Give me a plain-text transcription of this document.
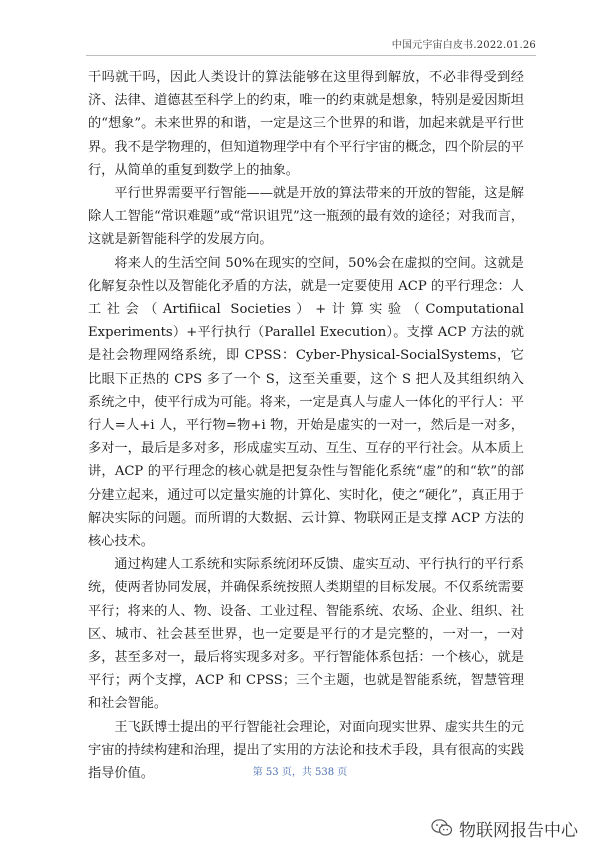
中国元宇宙白皮书.2022.01.26

干吗就干吗，因此人类设计的算法能够在这里得到解放，不必非得受到经济、法律、道德甚至科学上的约束，唯一的约束就是想象，特别是爱因斯坦的“想象”。未来世界的和谐，一定是这三个世界的和谐，加起来就是平行世界。我不是学物理的，但知道物理学中有个平行宇宙的概念，四个阶层的平行，从简单的重复到数学上的抽象。

平行世界需要平行智能——就是开放的算法带来的开放的智能，这是解除人工智能“常识难题”或“常识诅咒”这一瓶颈的最有效的途径；对我而言，这就是新智能科学的发展方向。

将来人的生活空间 50%在现实的空间，50%会在虚拟的空间。这就是化解复杂性以及智能化矛盾的方法，就是一定要使用 ACP 的平行理念：人工社会（Artifiical Societies）+计算实验（Computational Experiments）+平行执行（Parallel Execution）。支撑 ACP 方法的就是社会物理网络系统，即 CPSS：Cyber-Physical-SocialSystems，它比眼下正热的 CPS 多了一个 S，这至关重要，这个 S 把人及其组织纳入系统之中，使平行成为可能。将来，一定是真人与虚人一体化的平行人：平行人=人+i 人，平行物=物+i 物，开始是虚实的一对一，然后是一对多，多对一，最后是多对多，形成虚实互动、互生、互存的平行社会。从本质上讲，ACP 的平行理念的核心就是把复杂性与智能化系统“虚”的和“软”的部分建立起来，通过可以定量实施的计算化、实时化，使之“硬化”，真正用于解决实际的问题。而所谓的大数据、云计算、物联网正是支撑 ACP 方法的核心技术。

通过构建人工系统和实际系统闭环反馈、虚实互动、平行执行的平行系统，使两者协同发展，并确保系统按照人类期望的目标发展。不仅系统需要平行；将来的人、物、设备、工业过程、智能系统、农场、企业、组织、社区、城市、社会甚至世界，也一定要是平行的才是完整的，一对一，一对多，甚至多对一，最后将实现多对多。平行智能体系包括：一个核心，就是平行；两个支撑，ACP 和 CPSS；三个主题，也就是智能系统，智慧管理和社会智能。

王飞跃博士提出的平行智能社会理论，对面向现实世界、虚实共生的元宇宙的持续构建和治理，提出了实用的方法论和技术手段，具有很高的实践指导价值。	第 53 页，共 538 页
物联网报告中心
